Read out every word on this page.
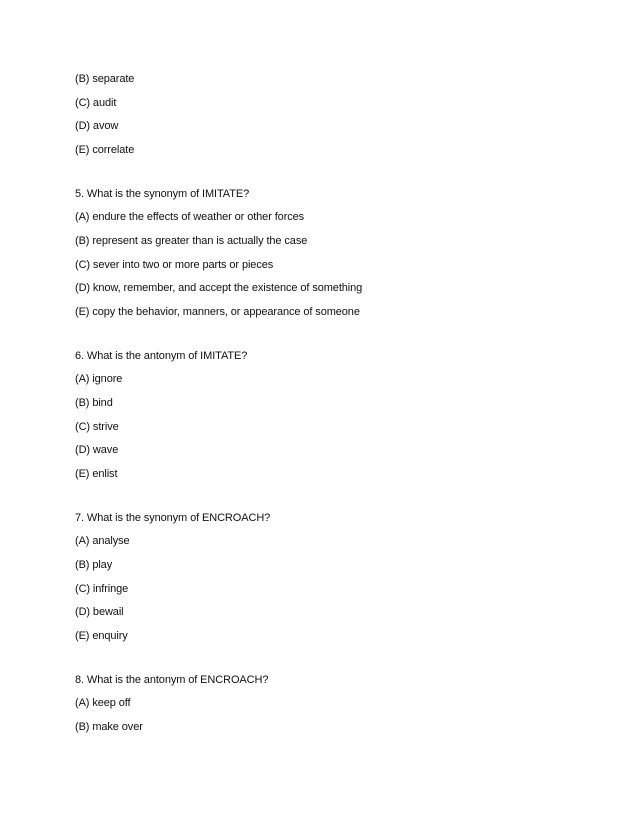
(B) separate
(C) audit
(D) avow
(E) correlate
5. What is the synonym of IMITATE?
(A) endure the effects of weather or other forces
(B) represent as greater than is actually the case
(C) sever into two or more parts or pieces
(D) know, remember, and accept the existence of something
(E) copy the behavior, manners, or appearance of someone
6. What is the antonym of IMITATE?
(A) ignore
(B) bind
(C) strive
(D) wave
(E) enlist
7. What is the synonym of ENCROACH?
(A) analyse
(B) play
(C) infringe
(D) bewail
(E) enquiry
8. What is the antonym of ENCROACH?
(A) keep off
(B) make over
